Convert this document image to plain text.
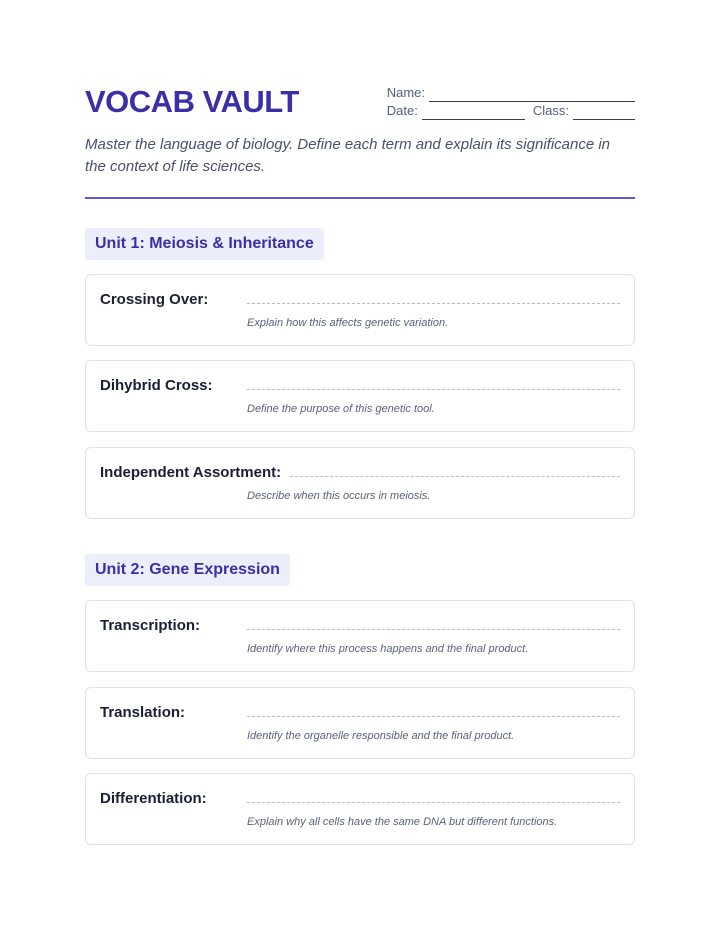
VOCAB VAULT	Name:
Date:	Class:
Master the language of biology. Define each term and explain its significance in the context of life sciences.
Unit 1: Meiosis & Inheritance
Crossing Over:
Explain how this affects genetic variation.
Dihybrid Cross:
Define the purpose of this genetic tool.
Independent Assortment:
Describe when this occurs in meiosis.
Unit 2: Gene Expression
Transcription:
Identify where this process happens and the final product.
Translation:
Identify the organelle responsible and the final product.
Differentiation:
Explain why all cells have the same DNA but different functions.
